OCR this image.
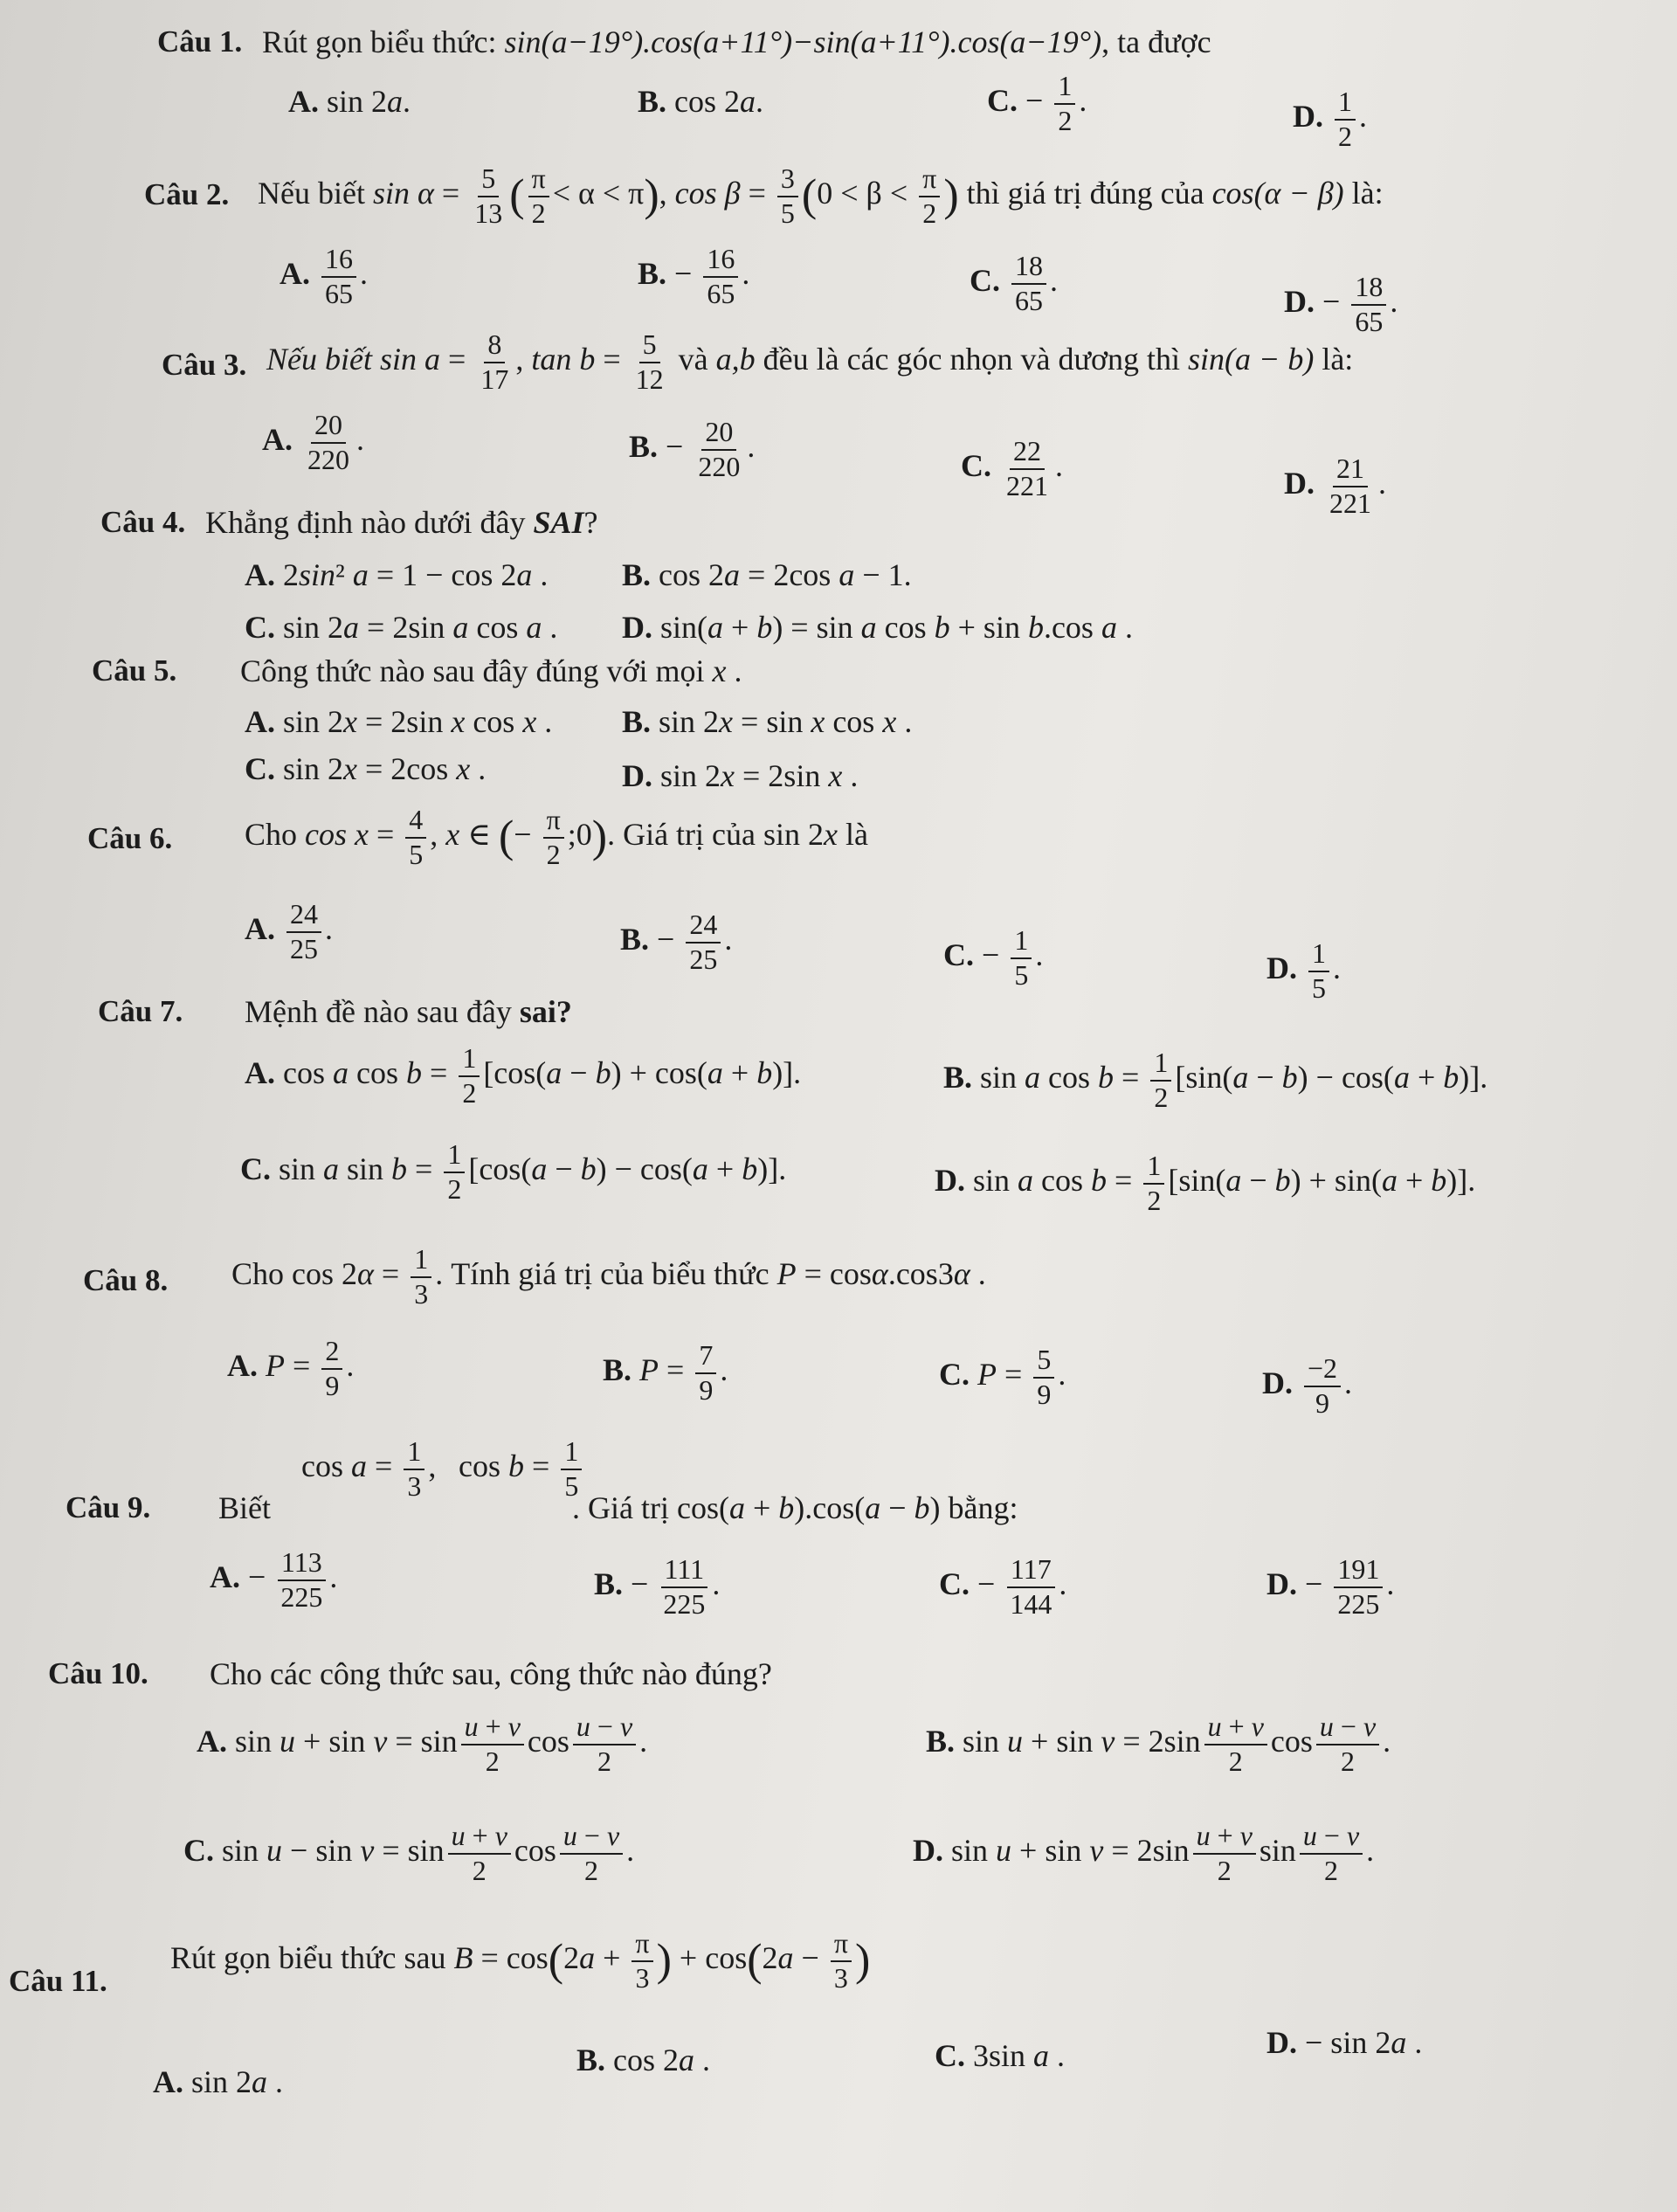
Câu 1. Rút gọn biểu thức: sin(a−19°).cos(a+11°)−sin(a+11°).cos(a−19°), ta được
A. sin 2a.	B. cos 2a.	C. − $\frac{1}{2}$ .	D. $\frac{1}{2}$ .
Câu 2. Nếu biết $\sin \alpha = \frac{5}{13}$ ( $\frac{\pi}{2} < \alpha < \pi$), $\cos \beta = \frac{3}{5} (0 < \beta < \frac{\pi}{2}$ ) thì giá trị đúng của cos(α − β) là:
A. $\frac{16}{65}$ .	B. − $\frac{16}{65}$ .	C. $\frac{18}{65}$ .
D. − $\frac{18}{65}$ .
Câu 3. Nếu biết $\sin a = \frac{8}{17}$ , $\tan b = \frac{5}{12}$ và a,b đều là các góc nhọn và dương thì sin(a − b) là:
A. $\frac{20}{220}$ .	B. − $\frac{20}{220}$ .
C. $\frac{22}{221}$ .	D. $\frac{21}{221}$ .
Câu 4. Khẳng định nào dưới đây SAI?
A. 2sin² a = 1 − cos 2a . B. cos 2a = 2cos a − 1.
C. sin 2a = 2sin a cos a . D. sin(a + b) = sin a cos b + sin b.cos a .
Câu 5. Công thức nào sau đây đúng với mọi x .
A. sin 2x = 2sin x cos x . B. sin 2x = sin x cos x .
C. sin 2x = 2cos x .	D. sin 2x = 2sin x .
Câu 6. Cho $\cos x = \frac{4}{5}$ , x ∈ (− $\frac{\pi}{2}$ ;0). Giá trị của sin 2x là
A. $\frac{24}{25}$ .	B. − $\frac{24}{25}$ .	C. − $\frac{1}{5}$ .	D. $\frac{1}{5}$ .
Câu 7. Mệnh đề nào sau đây sai?
A. cos a $\cos b = \frac{1}{2} [\cos(a - b) + \cos(a + b)]$.	B. sin a $\cos b = \frac{1}{2} [\sin(a - b) - \cos(a + b)]$.
C. sin a $\sin b = \frac{1}{2} [\cos(a - b) - \cos(a + b)]$.	D. sin a $\cos b = \frac{1}{2} [\sin(a - b) + \sin(a + b)]$.
Câu 8. Cho $\cos 2\alpha = \frac{1}{3}$ . Tính giá trị của biểu thức P = cosα.cos3α .
A. $P = \frac{2}{9}$ .	B. $P = \frac{7}{9}$ .	C. $P = \frac{5}{9}$ .	D. $\frac{-2}{9}$ .
Câu 9. Biết
$\cos a = \frac{1}{3}$ , $\cos b = \frac{1}{5}$
. Giá trị cos(a + b).cos(a − b) bằng:
A. − $\frac{113}{225}$ .	B. − $\frac{111}{225}$ .	C. − $\frac{117}{144}$ .	D. − $\frac{191}{225}$ .
Câu 10. Cho các công thức sau, công thức nào đúng?
A. $\sin u + \sin v = \sin \frac{u + v}{2}$ $\cos \frac{u - v}{2}$ .	B. $\sin u + \sin v = 2\sin \frac{u + v}{2}$ $\cos \frac{u - v}{2}$ .
C. $\sin u - \sin v = \sin \frac{u + v}{2}$ $\cos \frac{u - v}{2}$ .	D. $\sin u + \sin v = 2\sin \frac{u + v}{2}$ $\sin \frac{u - v}{2}$ .
Câu 11.
Rút gọn biểu thức sau $B = \cos(2a + \frac{\pi}{3}$ ) + $\cos(2a - \frac{\pi}{3}$ )
A. sin 2a .
B. cos 2a .	C. 3sin a .	D. − sin 2a .
